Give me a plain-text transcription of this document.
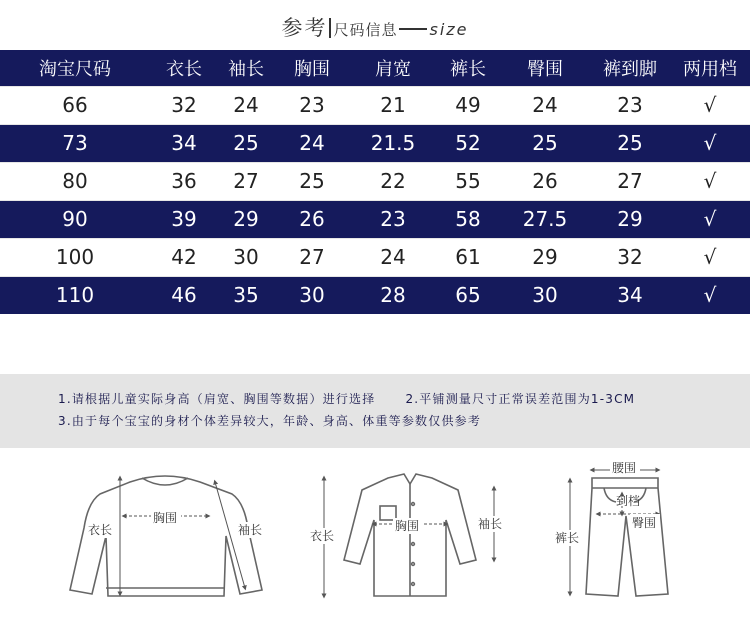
参考 尺码信息 size
淘宝尺码	衣长	袖长	胸围	肩宽	裤长	臀围	裤到脚	两用档
66	32	24	23	21	49	24	23	√
73	34	25	24	21.5	52	25	25	√
80	36	27	25	22	55	26	27	√
90	39	29	26	23	58	27.5	29	√
100	42	30	27	24	61	29	32	√
110	46	35	30	28	65	30	34	√
1.请根据儿童实际身高（肩宽、胸围等数据）进行选择	2.平铺测量尺寸正常误差范围为1-3CM
3.由于每个宝宝的身材个体差异较大，年龄、身高、体重等参数仅供参考
衣长
胸围
袖长	衣长
胸围	袖长
腰围
到档
臀围
裤长
